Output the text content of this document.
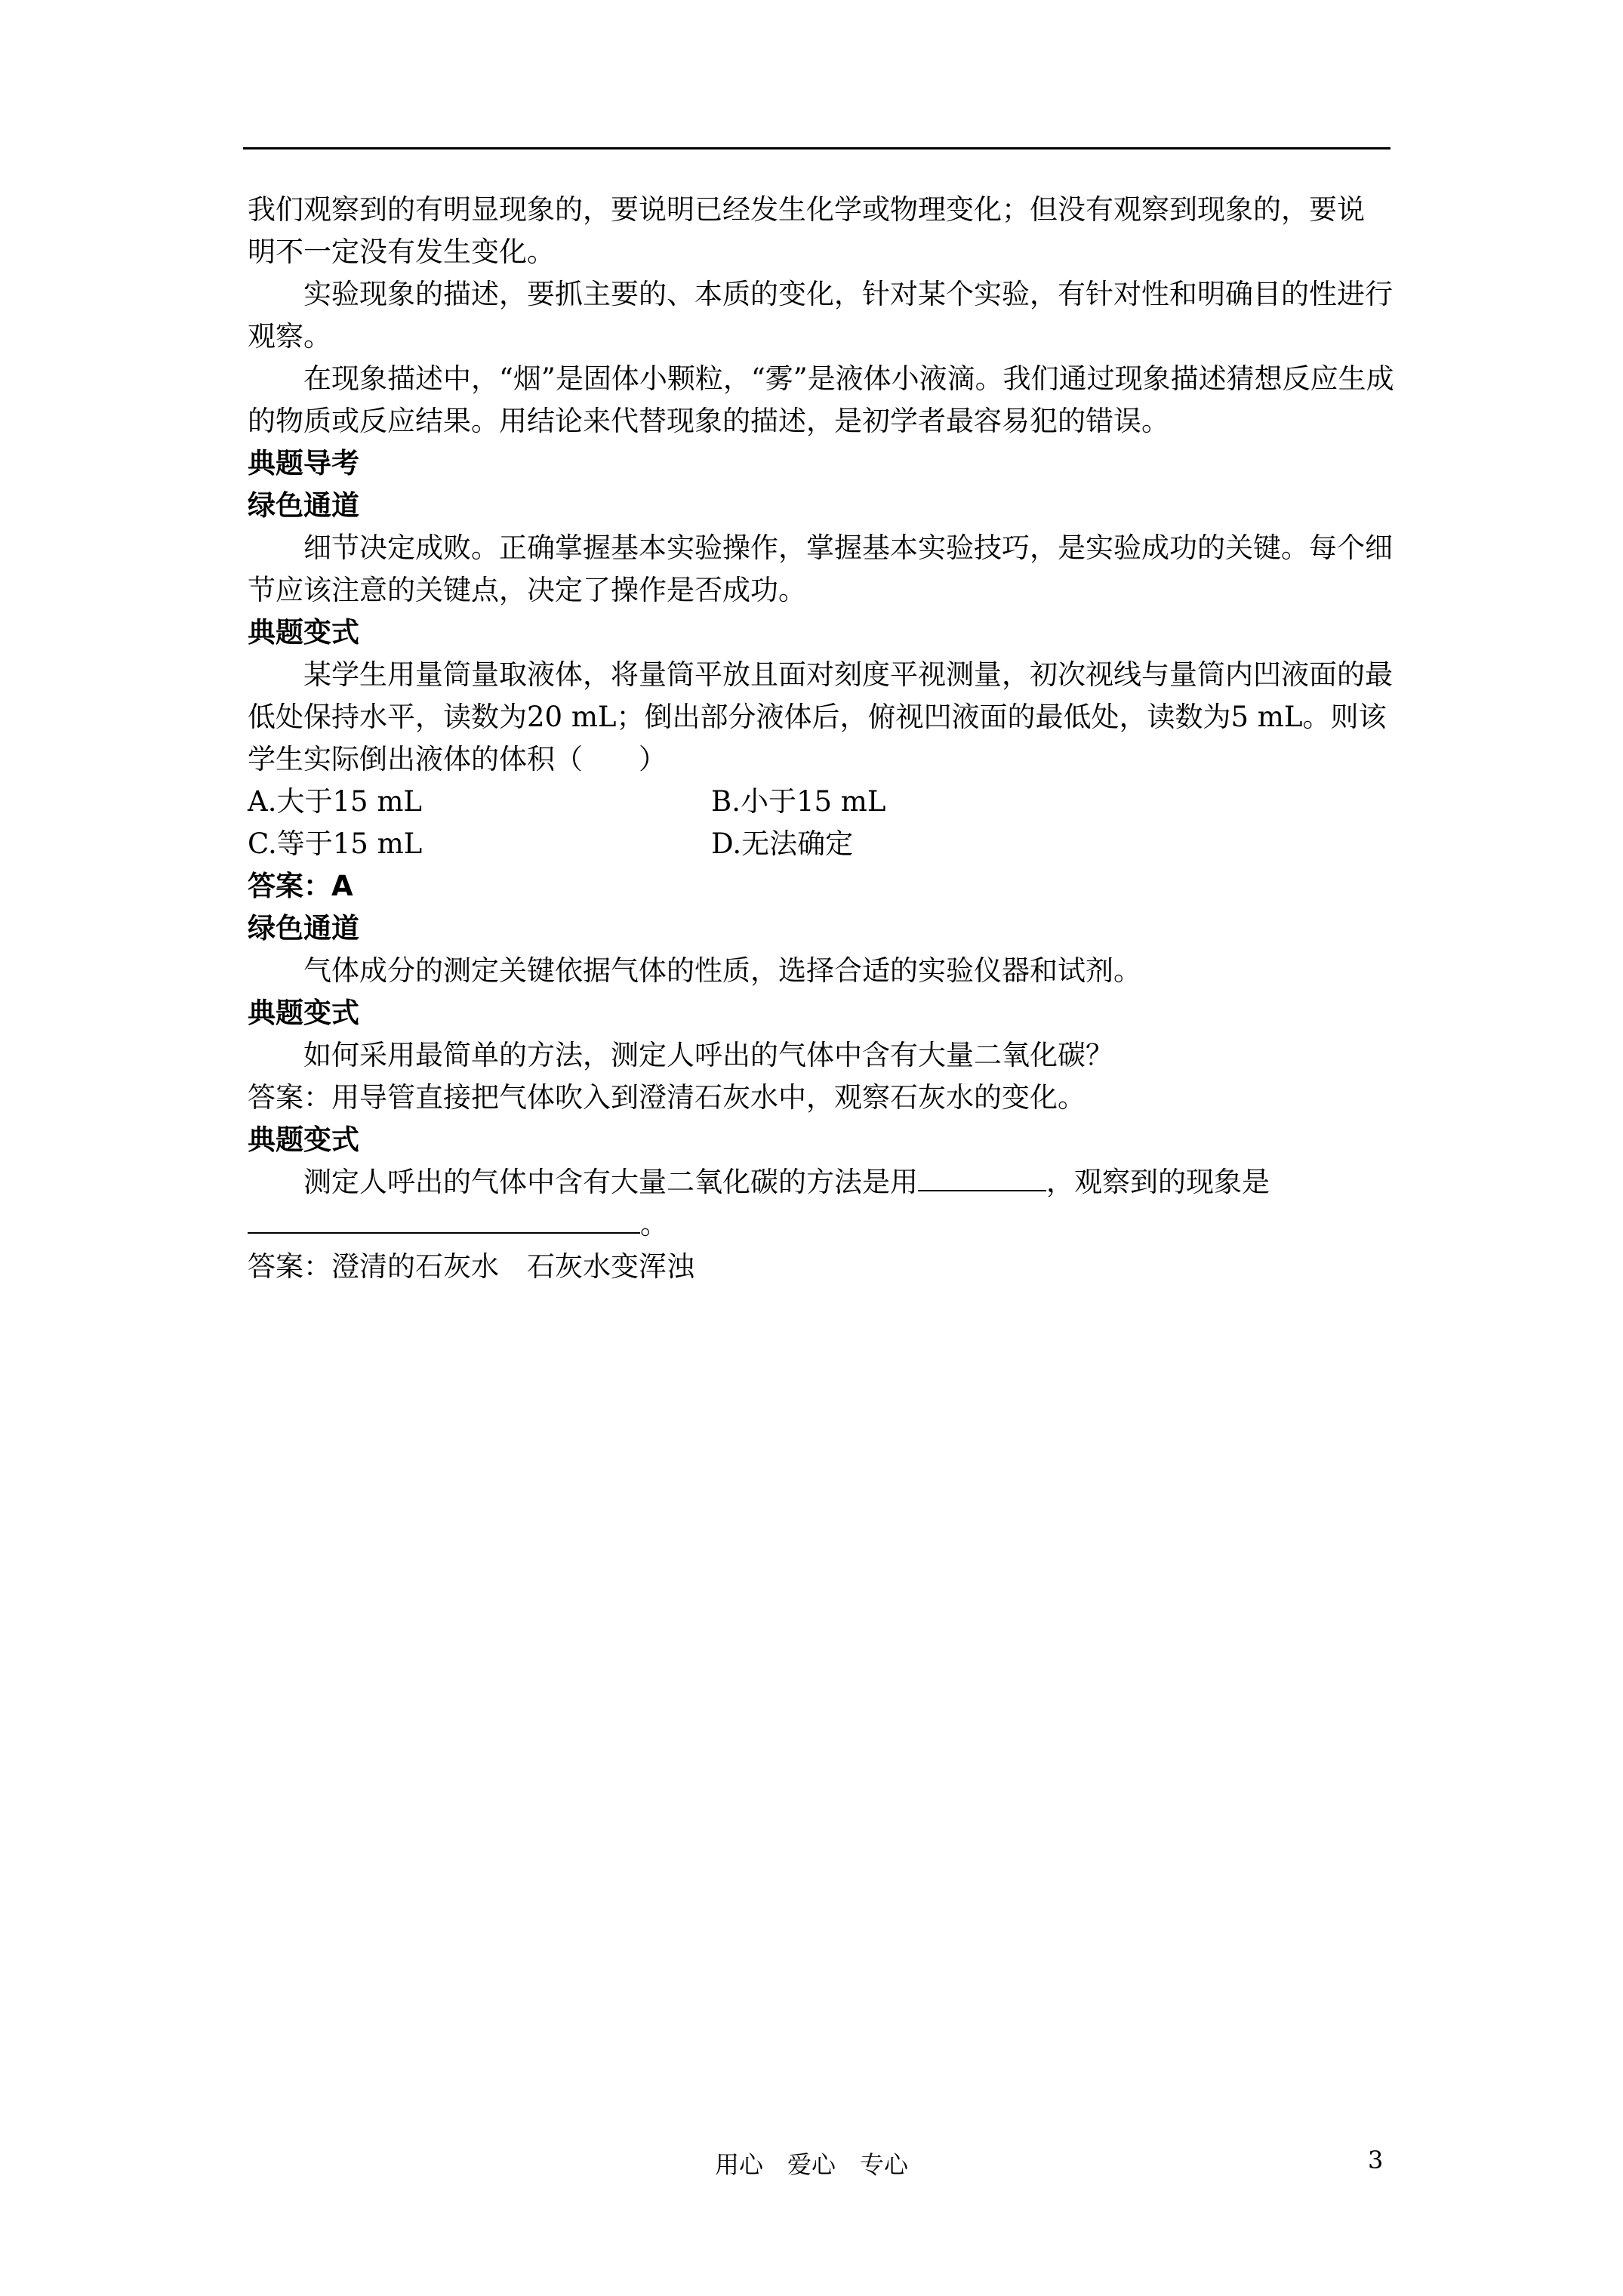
我们观察到的有明显现象的，要说明已经发生化学或物理变化；但没有观察到现象的，要说

明不一定没有发生变化。

实验现象的描述，要抓主要的、本质的变化，针对某个实验，有针对性和明确目的性进行观察。

在现象描述中，“烟”是固体小颗粒，“雾”是液体小液滴。我们通过现象描述猜想反应生成的物质或反应结果。用结论来代替现象的描述，是初学者最容易犯的错误。

典题导考

绿色通道

细节决定成败。正确掌握基本实验操作，掌握基本实验技巧，是实验成功的关键。每个细节应该注意的关键点，决定了操作是否成功。

典题变式

某学生用量筒量取液体，将量筒平放且面对刻度平视测量，初次视线与量筒内凹液面的最低处保持水平，读数为20 mL；倒出部分液体后，俯视凹液面的最低处，读数为5 mL。则该学生实际倒出液体的体积（　　）

A.大于15 mL	B.小于15 mL
C.等于15 mL	D.无法确定

答案：A

绿色通道

气体成分的测定关键依据气体的性质，选择合适的实验仪器和试剂。

典题变式

如何采用最简单的方法，测定人呼出的气体中含有大量二氧化碳？

答案：用导管直接把气体吹入到澄清石灰水中，观察石灰水的变化。

典题变式

测定人呼出的气体中含有大量二氧化碳的方法是用	，观察到的现象是

。

答案：澄清的石灰水　石灰水变浑浊

用心　爱心　专心	3
